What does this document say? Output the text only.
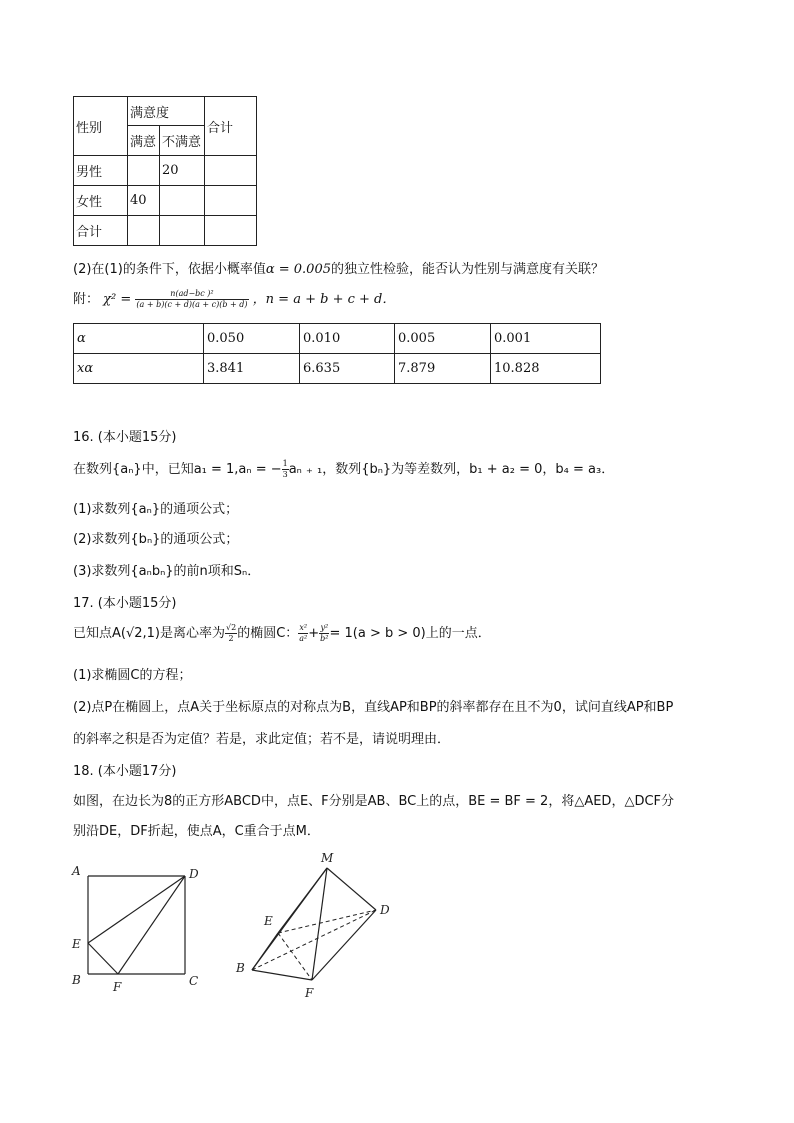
性别	满意度		合计
	满意	不满意	
男性		20	
女性	40		
合计			
(2)在(1)的条件下，依据小概率值α = 0.005的独立性检验，能否认为性别与满意度有关联？
附： $\chi^2 = \frac{\text{n(ad−bc )²}}{(a + b)(c + d)(a + c)(b + d)}$ ，n = a + b + c + d．
α	0.050	0.010	0.005	0.001
xα	3.841	6.635	7.879	10.828
16. (本小题15分)
在数列{aₙ}中，已知a₁ = 1,aₙ = − $\frac{1}{3}$ aₙ ₊ ₁，数列{bₙ}为等差数列，b₁ + a₂ = 0，b₄ = a₃．
(1)求数列{aₙ}的通项公式；
(2)求数列{bₙ}的通项公式；
(3)求数列{aₙbₙ}的前n项和Sₙ．
17. (本小题15分)
已知点A(√2,1)是离心率为 $\frac{√2}{2}$ 的椭圆C： $\frac{\text{x²}}{\text{a²}} + \frac{\text{y²}}{\text{b²}} = 1(a > b > 0)$上的一点．
(1)求椭圆C的方程；
(2)点P在椭圆上，点A关于坐标原点的对称点为B，直线AP和BP的斜率都存在且不为0，试问直线AP和BP
的斜率之积是否为定值？若是，求此定值；若不是，请说明理由．
18. (本小题17分)
如图，在边长为8的正方形ABCD中，点E、F分别是AB、BC上的点，BE = BF = 2，将△AED，△DCF分
别沿DE，DF折起，使点A，C重合于点M．
A	D
E
B	F	C
M
E
D
B
F
